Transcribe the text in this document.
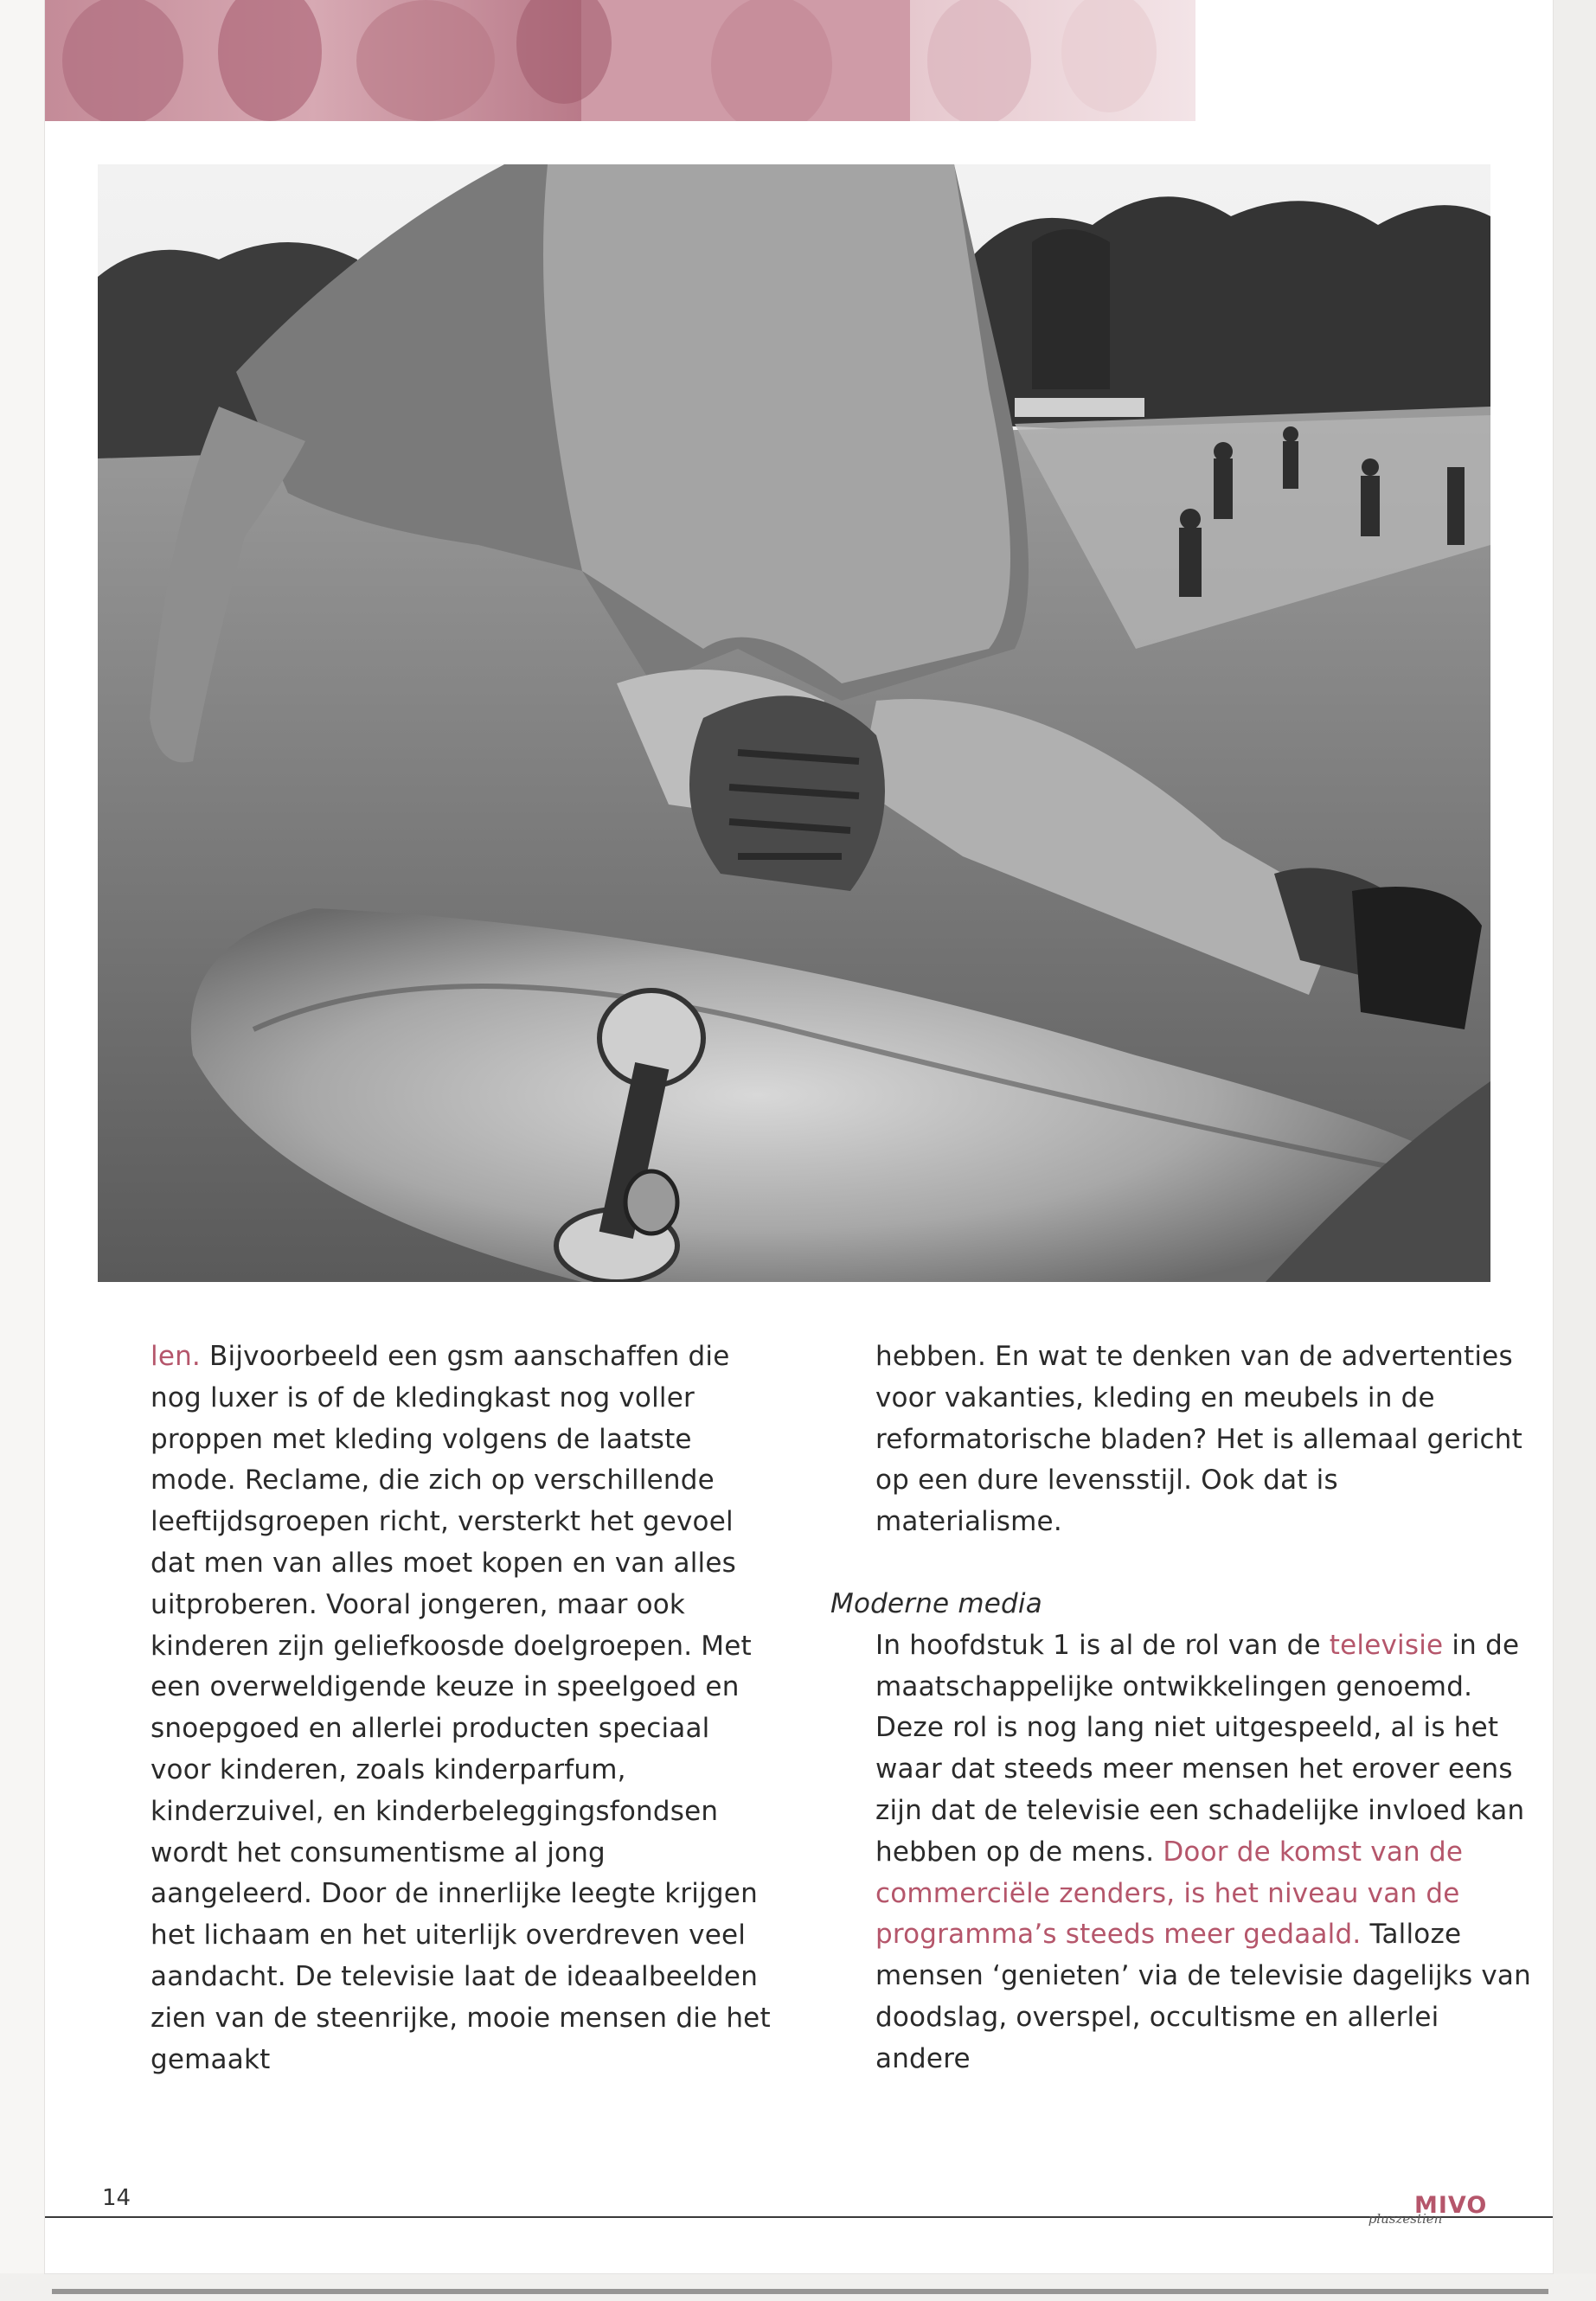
len. Bijvoorbeeld een gsm aanschaffen die nog luxer is of de kledingkast nog voller proppen met kleding volgens de laatste mode. Reclame, die zich op verschillende leeftijdsgroepen richt, versterkt het gevoel dat men van alles moet kopen en van alles uitproberen. Vooral jongeren, maar ook kinderen zijn geliefkoosde doelgroepen. Met een overweldigende keuze in speelgoed en snoepgoed en allerlei producten speciaal voor kinderen, zoals kinderparfum, kinderzuivel, en kinderbeleggingsfondsen wordt het consumentisme al jong aangeleerd. Door de innerlijke leegte krijgen het lichaam en het uiterlijk overdreven veel aandacht. De televisie laat de ideaalbeelden zien van de steenrijke, mooie mensen die het gemaakt

hebben. En wat te denken van de advertenties voor vakanties, kleding en meubels in de reformatorische bladen? Het is allemaal gericht op een dure levensstijl. Ook dat is materialisme.

Moderne media

In hoofdstuk 1 is al de rol van de televisie in de maatschappelijke ontwikkelingen genoemd. Deze rol is nog lang niet uitgespeeld, al is het waar dat steeds meer mensen het erover eens zijn dat de televisie een schadelijke invloed kan hebben op de mens. Door de komst van de commerciële zenders, is het niveau van de programma’s steeds meer gedaald. Talloze mensen ‘genieten’ via de televisie dagelijks van doodslag, overspel, occultisme en allerlei andere

14
pluszestien
MIVO
